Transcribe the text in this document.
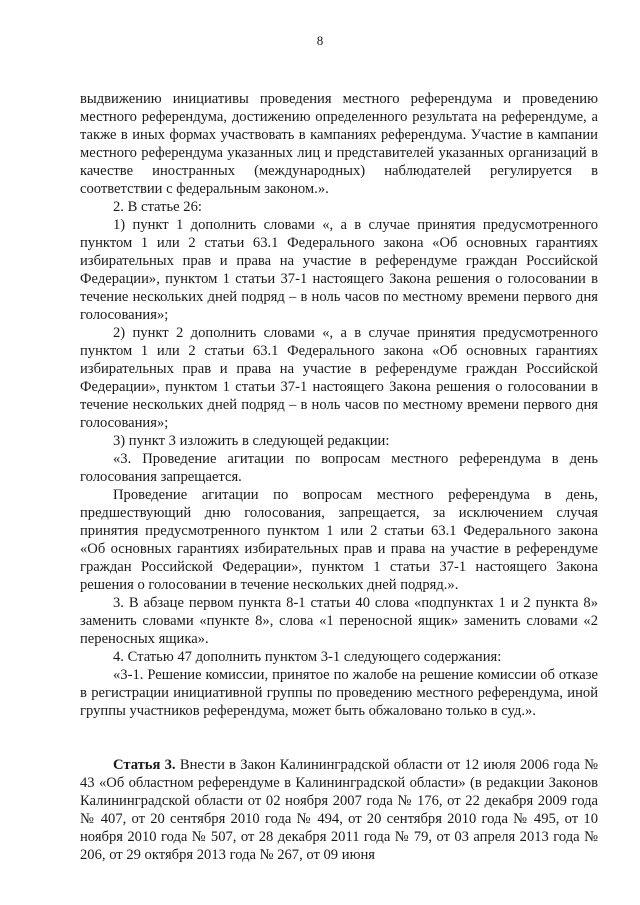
8

выдвижению инициативы проведения местного референдума и проведению местного референдума, достижению определенного результата на референдуме, а также в иных формах участвовать в кампаниях референдума. Участие в кампании местного референдума указанных лиц и представителей указанных организаций в качестве иностранных (международных) наблюдателей регулируется в соответствии с федеральным законом.».

2. В статье 26:

1) пункт 1 дополнить словами «, а в случае принятия предусмотренного пунктом 1 или 2 статьи 63.1 Федерального закона «Об основных гарантиях избирательных прав и права на участие в референдуме граждан Российской Федерации», пунктом 1 статьи 37-1 настоящего Закона решения о голосовании в течение нескольких дней подряд – в ноль часов по местному времени первого дня голосования»;

2) пункт 2 дополнить словами «, а в случае принятия предусмотренного пунктом 1 или 2 статьи 63.1 Федерального закона «Об основных гарантиях избирательных прав и права на участие в референдуме граждан Российской Федерации», пунктом 1 статьи 37-1 настоящего Закона решения о голосовании в течение нескольких дней подряд – в ноль часов по местному времени первого дня голосования»;

3) пункт 3 изложить в следующей редакции:

«3. Проведение агитации по вопросам местного референдума в день голосования запрещается.

Проведение агитации по вопросам местного референдума в день, предшествующий дню голосования, запрещается, за исключением случая принятия предусмотренного пунктом 1 или 2 статьи 63.1 Федерального закона «Об основных гарантиях избирательных прав и права на участие в референдуме граждан Российской Федерации», пунктом 1 статьи 37-1 настоящего Закона решения о голосовании в течение нескольких дней подряд.».

3. В абзаце первом пункта 8-1 статьи 40 слова «подпунктах 1 и 2 пункта 8» заменить словами «пункте 8», слова «1 переносной ящик» заменить словами «2 переносных ящика».

4. Статью 47 дополнить пунктом 3-1 следующего содержания:

«3-1. Решение комиссии, принятое по жалобе на решение комиссии об отказе в регистрации инициативной группы по проведению местного референдума, иной группы участников референдума, может быть обжаловано только в суд.».

Статья 3. Внести в Закон Калининградской области от 12 июля 2006 года № 43 «Об областном референдуме в Калининградской области» (в редакции Законов Калининградской области от 02 ноября 2007 года № 176, от 22 декабря 2009 года № 407, от 20 сентября 2010 года № 494, от 20 сентября 2010 года № 495, от 10 ноября 2010 года № 507, от 28 декабря 2011 года № 79, от 03 апреля 2013 года № 206, от 29 октября 2013 года № 267, от 09 июня
